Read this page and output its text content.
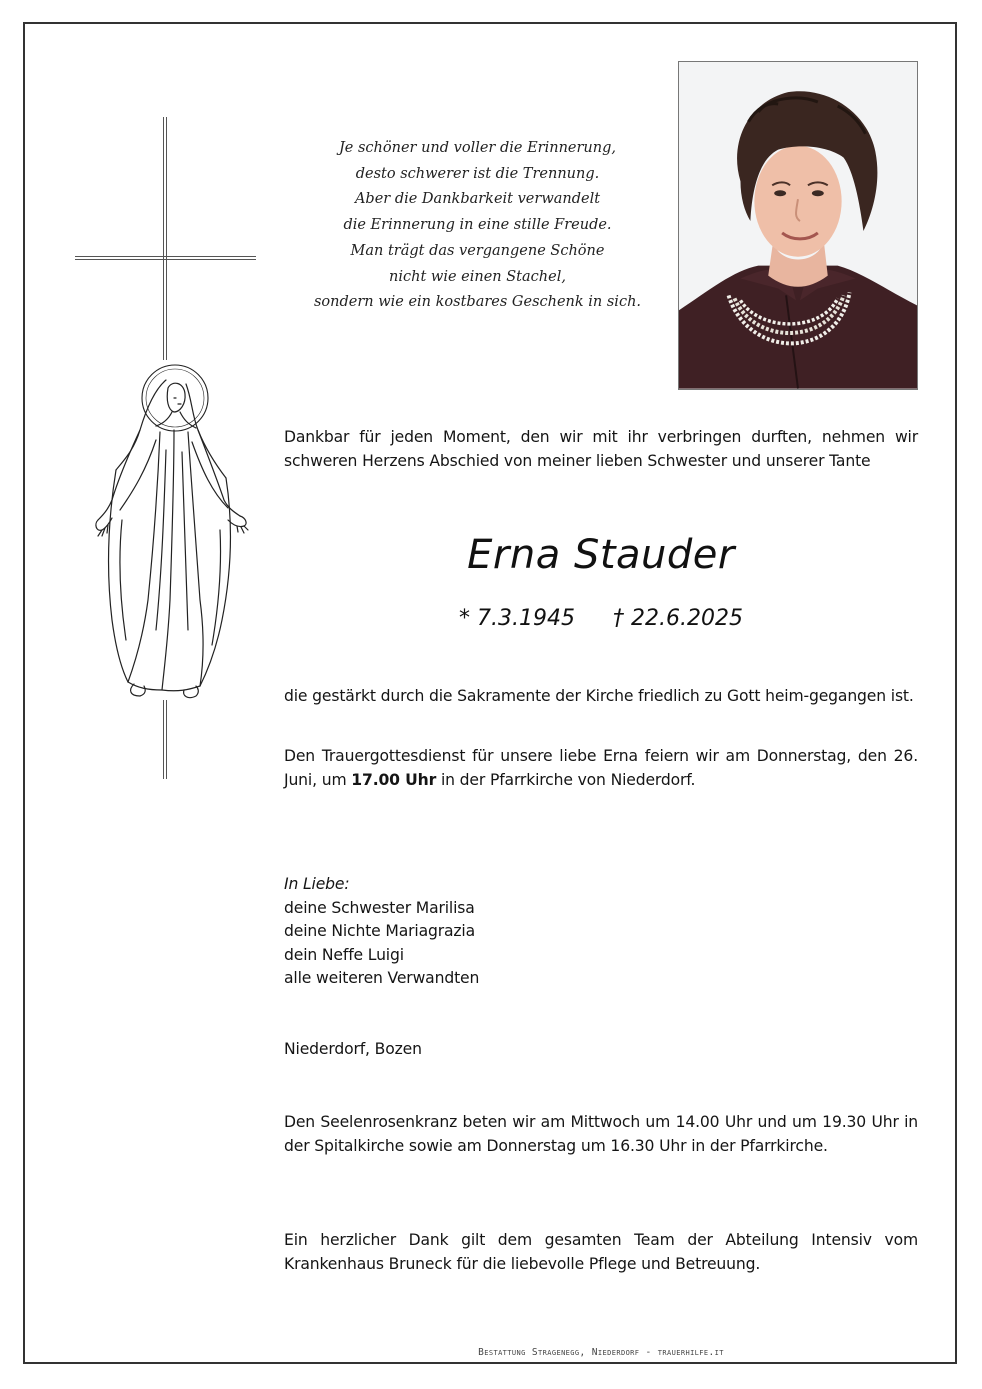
Je schöner und voller die Erinnerung,
desto schwerer ist die Trennung.
Aber die Dankbarkeit verwandelt
die Erinnerung in eine stille Freude.
Man trägt das vergangene Schöne
nicht wie einen Stachel,
sondern wie ein kostbares Geschenk in sich.
Dankbar für jeden Moment, den wir mit ihr verbringen durften, nehmen wir schweren Herzens Abschied von meiner lieben Schwester und unserer Tante
Erna Stauder
* 7.3.1945 † 22.6.2025
die gestärkt durch die Sakramente der Kirche friedlich zu Gott heim-gegangen ist.
Den Trauergottesdienst für unsere liebe Erna feiern wir am Donnerstag, den 26. Juni, um 17.00 Uhr in der Pfarrkirche von Niederdorf.
In Liebe:
deine Schwester Marilisa
deine Nichte Mariagrazia
dein Neffe Luigi
alle weiteren Verwandten
Niederdorf, Bozen
Den Seelenrosenkranz beten wir am Mittwoch um 14.00 Uhr und um 19.30 Uhr in der Spitalkirche sowie am Donnerstag um 16.30 Uhr in der Pfarrkirche.
Ein herzlicher Dank gilt dem gesamten Team der Abteilung Intensiv vom Krankenhaus Bruneck für die liebevolle Pflege und Betreuung.
Bestattung Stragenegg, Niederdorf - trauerhilfe.it
